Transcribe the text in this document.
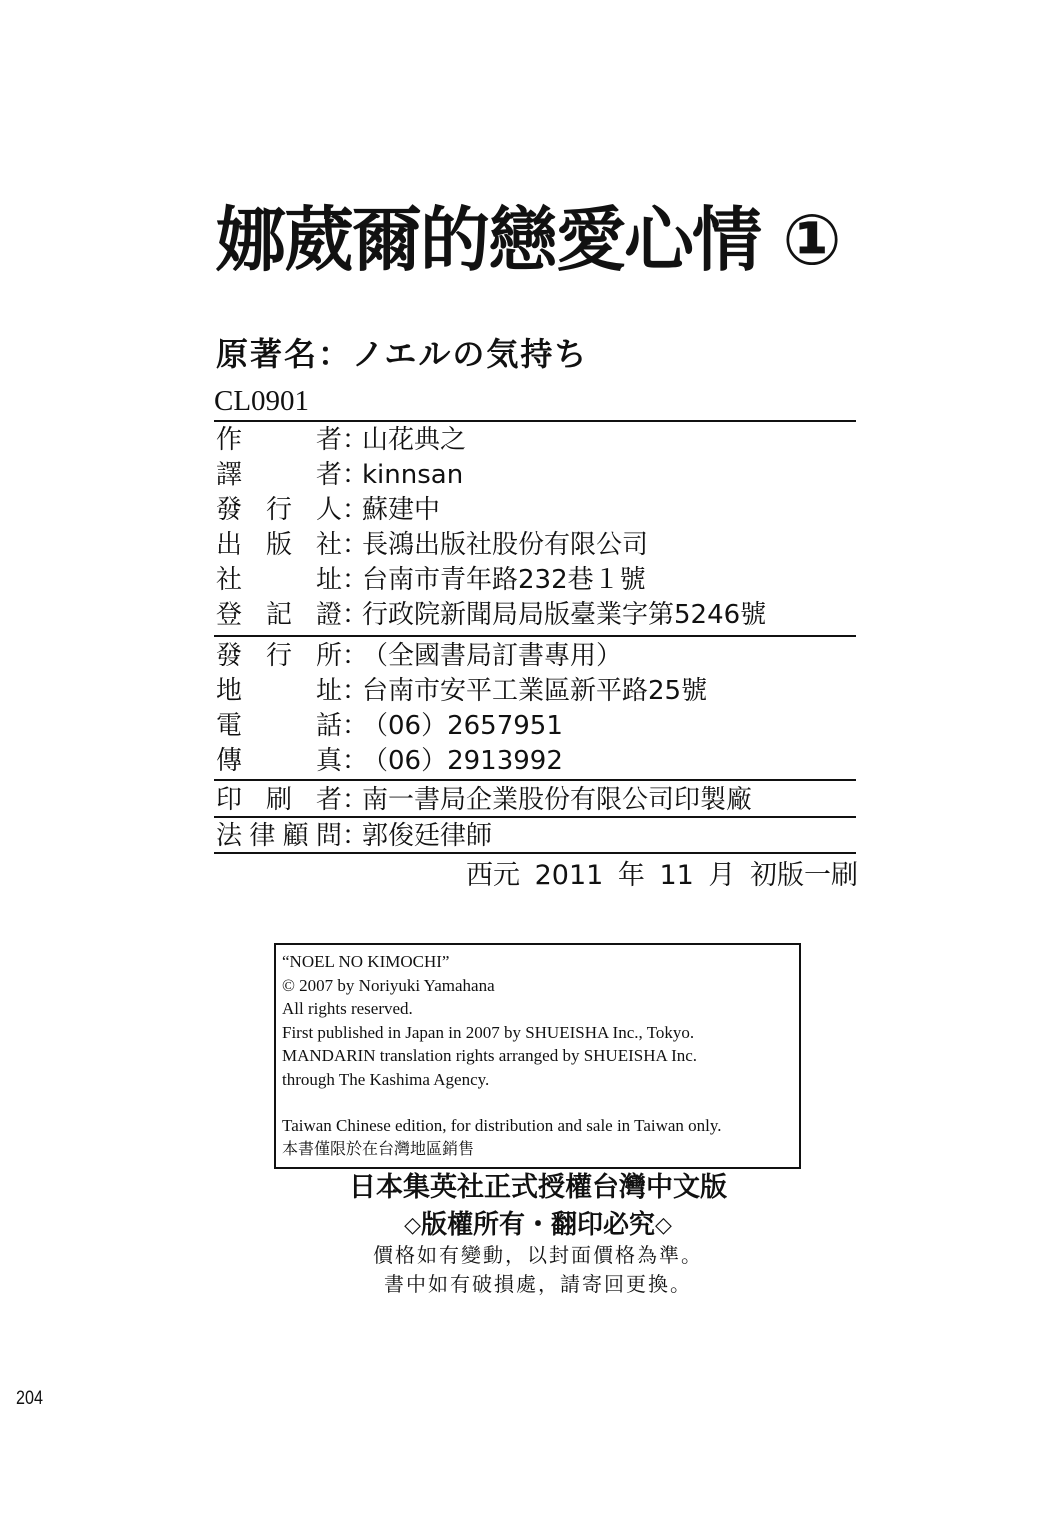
娜葳爾的戀愛心情 ①
原著名：ノエルの気持ち
CL0901
作者：山花典之
譯者：kinnsan
發行人：蘇建中
出版社：長鴻出版社股份有限公司
社址：台南市青年路232巷１號
登記證：行政院新聞局局版臺業字第5246號
發行所：（全國書局訂書專用）
地址：台南市安平工業區新平路25號
電話：（06）2657951
傳真：（06）2913992
印刷者：南一書局企業股份有限公司印製廠
法律顧問：郭俊廷律師
西元 2011 年 11 月 初版一刷
“NOEL NO KIMOCHI”
© 2007 by Noriyuki Yamahana
All rights reserved.
First published in Japan in 2007 by SHUEISHA Inc., Tokyo.
MANDARIN translation rights arranged by SHUEISHA Inc.
through The Kashima Agency.
Taiwan Chinese edition, for distribution and sale in Taiwan only.
本書僅限於在台灣地區銷售
日本集英社正式授權台灣中文版
◇版權所有・翻印必究◇
價格如有變動，以封面價格為準。
書中如有破損處，請寄回更換。
204
